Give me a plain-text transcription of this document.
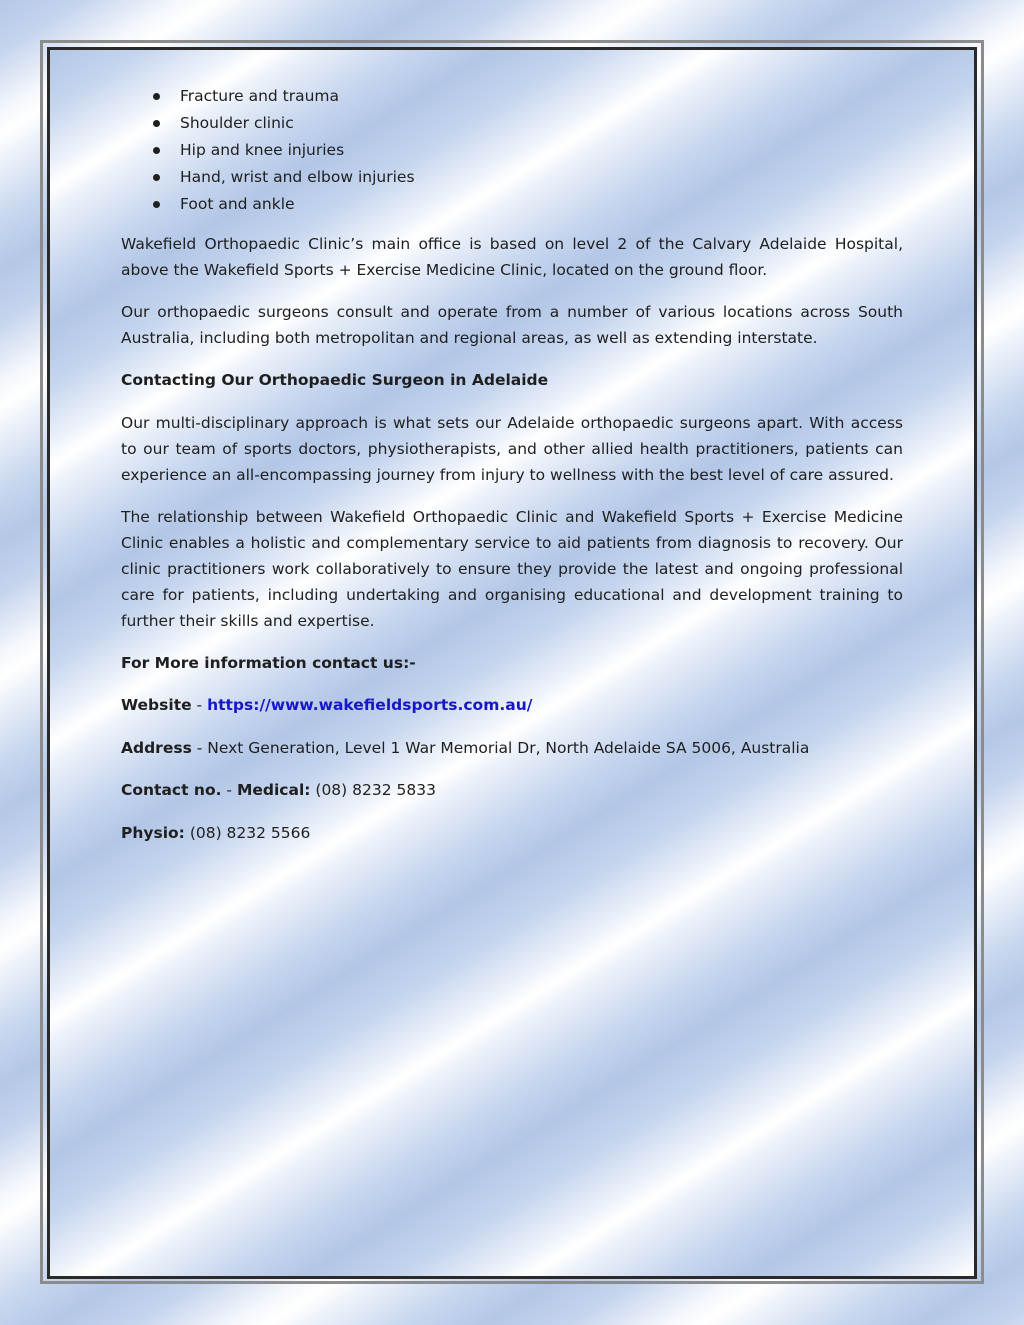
Fracture and trauma
Shoulder clinic
Hip and knee injuries
Hand, wrist and elbow injuries
Foot and ankle

Wakefield Orthopaedic Clinic’s main office is based on level 2 of the Calvary Adelaide Hospital, above the Wakefield Sports + Exercise Medicine Clinic, located on the ground floor.

Our orthopaedic surgeons consult and operate from a number of various locations across South Australia, including both metropolitan and regional areas, as well as extending interstate.

Contacting Our Orthopaedic Surgeon in Adelaide

Our multi-disciplinary approach is what sets our Adelaide orthopaedic surgeons apart. With access to our team of sports doctors, physiotherapists, and other allied health practitioners, patients can experience an all-encompassing journey from injury to wellness with the best level of care assured.

The relationship between Wakefield Orthopaedic Clinic and Wakefield Sports + Exercise Medicine Clinic enables a holistic and complementary service to aid patients from diagnosis to recovery. Our clinic practitioners work collaboratively to ensure they provide the latest and ongoing professional care for patients, including undertaking and organising educational and development training to further their skills and expertise.

For More information contact us:-

Website - https://www.wakefieldsports.com.au/

Address - Next Generation, Level 1 War Memorial Dr, North Adelaide SA 5006, Australia

Contact no. - Medical: (08) 8232 5833

Physio: (08) 8232 5566
